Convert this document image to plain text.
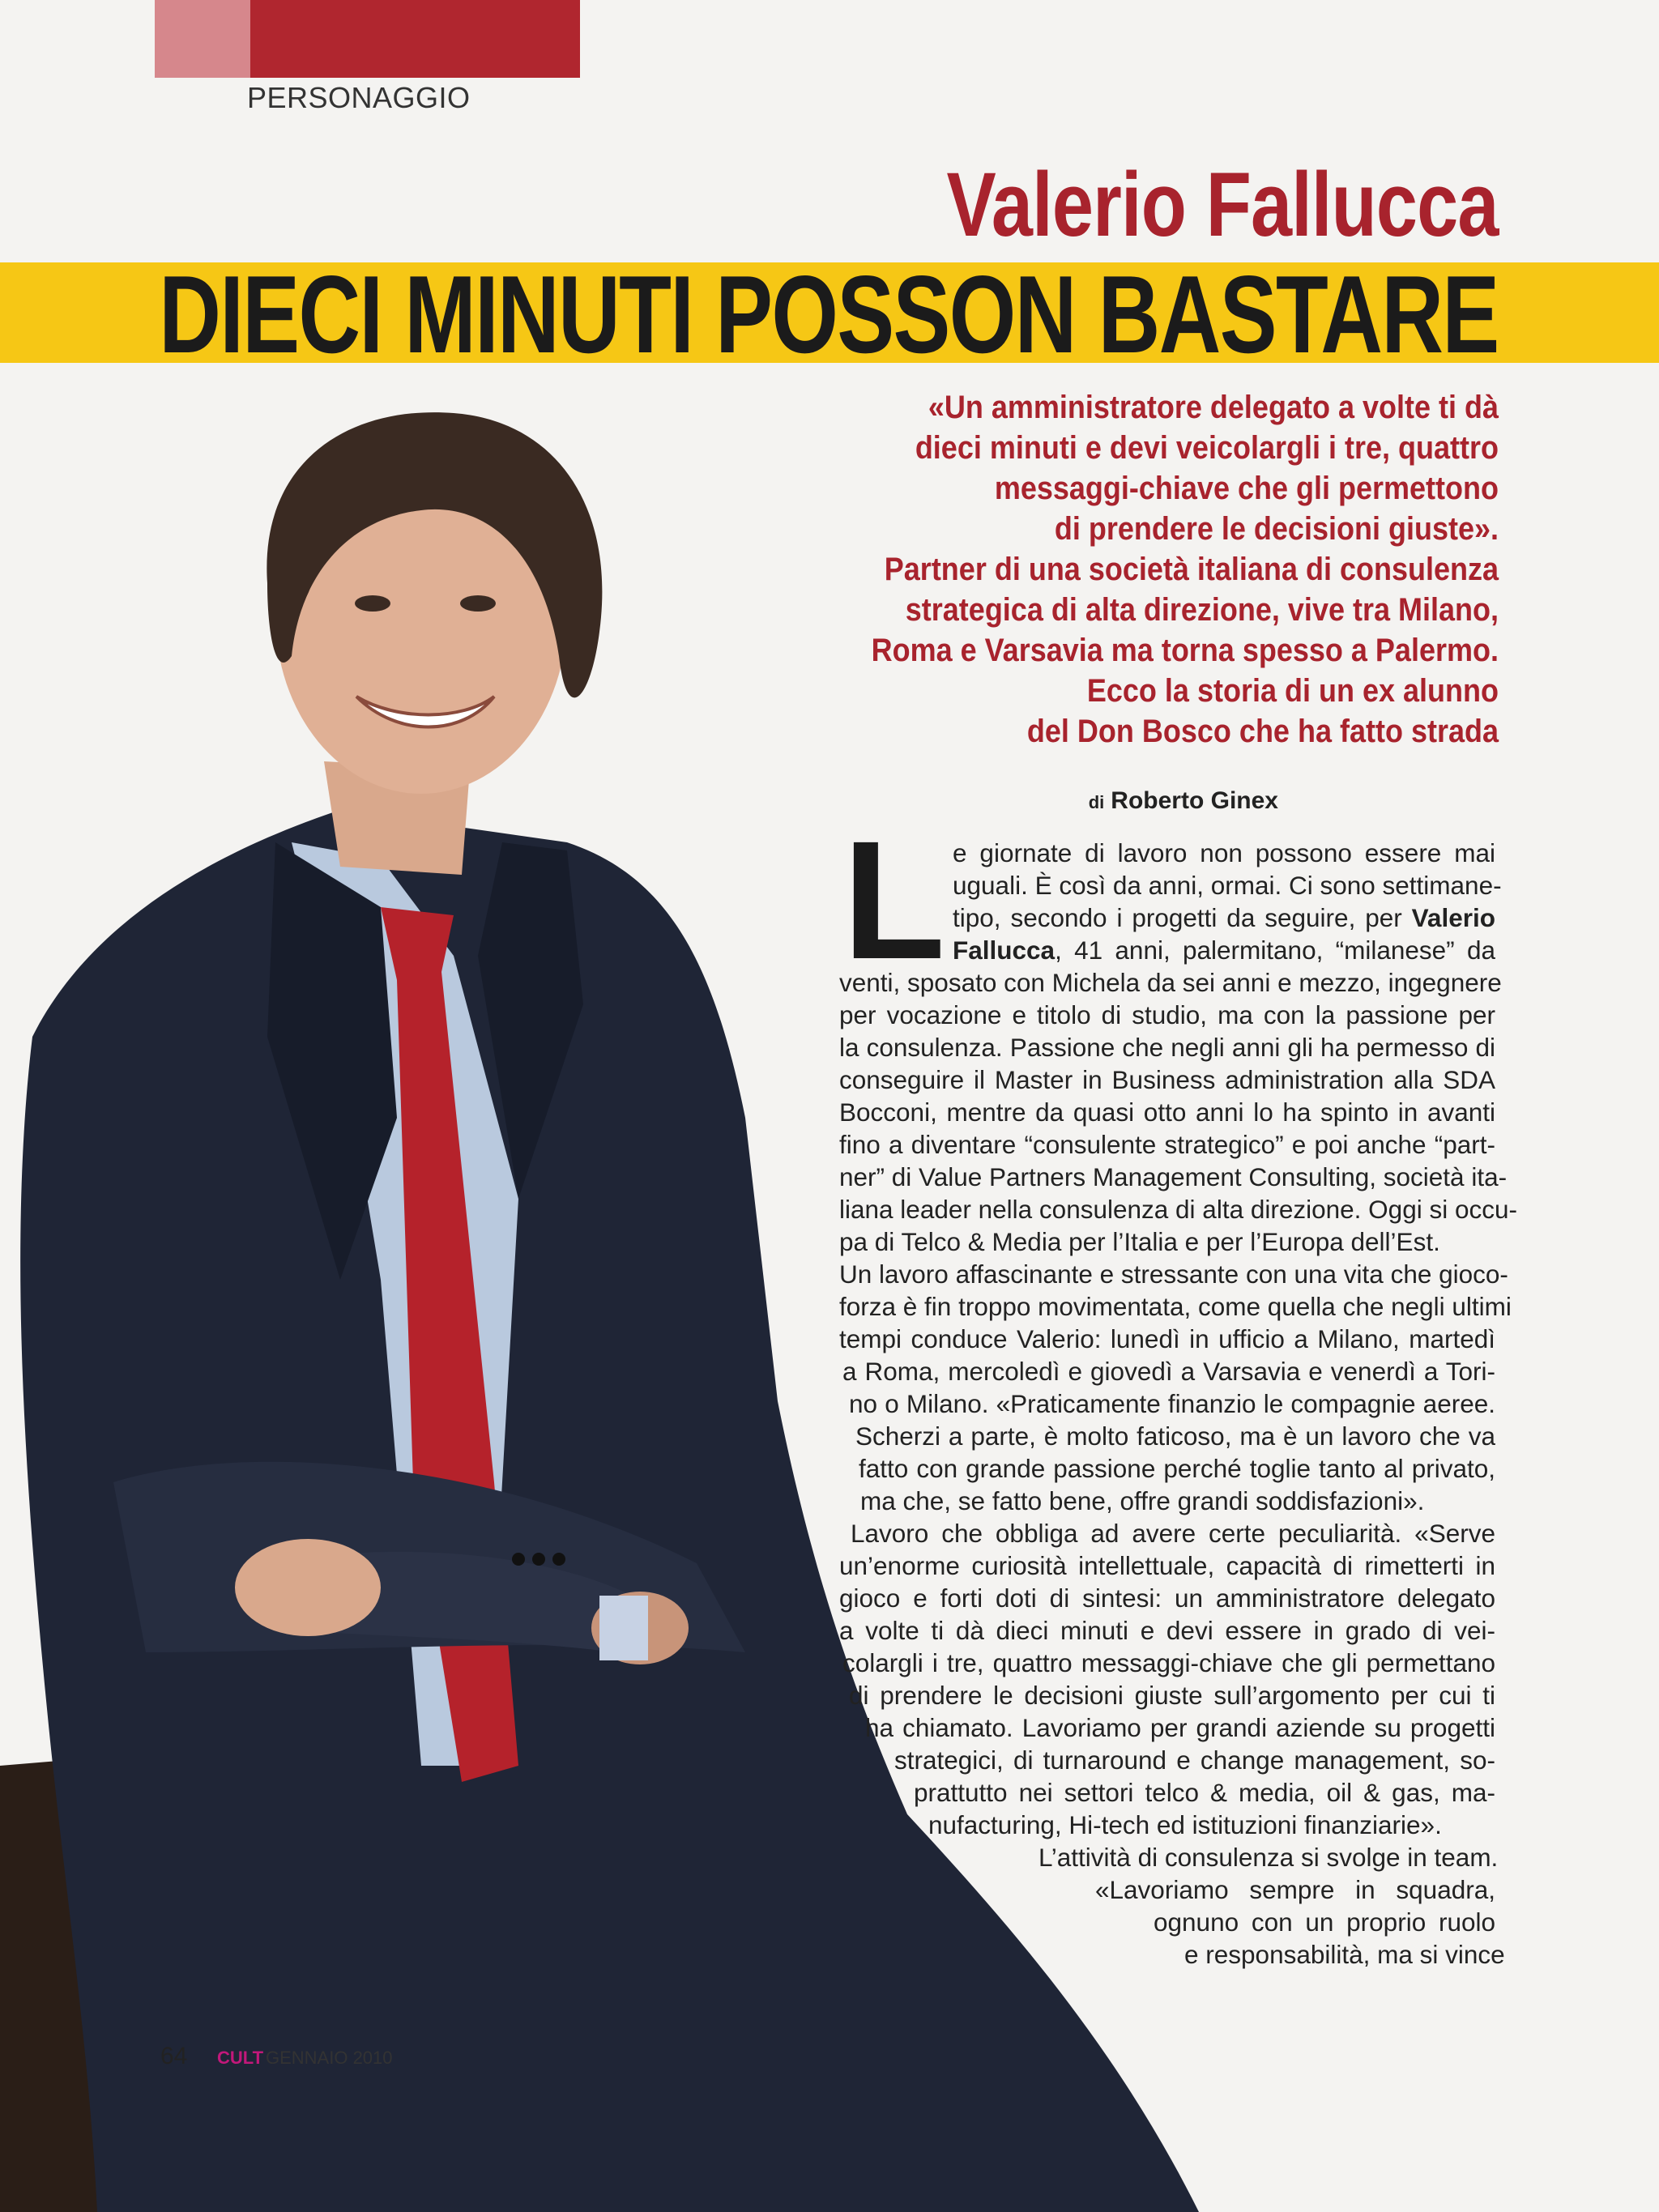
PERSONAGGIO
Valerio Fallucca
DIECI MINUTI POSSON BASTARE

«Un amministratore delegato a volte ti dà

dieci minuti e devi veicolargli i tre, quattro

messaggi-chiave che gli permettono

di prendere le decisioni giuste».

Partner di una società italiana di consulenza

strategica di alta direzione, vive tra Milano,

Roma e Varsavia ma torna spesso a Palermo.

Ecco la storia di un ex alunno

del Don Bosco che ha fatto strada

di Roberto Ginex
L e giornate di lavoro non possono essere mai
uguali. È così da anni, ormai. Ci sono settimane-
tipo, secondo i progetti da seguire, per Valerio
Fallucca, 41 anni, palermitano, “milanese” da
venti, sposato con Michela da sei anni e mezzo, ingegnere
per vocazione e titolo di studio, ma con la passione per
la consulenza. Passione che negli anni gli ha permesso di
conseguire il Master in Business administration alla SDA
Bocconi, mentre da quasi otto anni lo ha spinto in avanti
fino a diventare “consulente strategico” e poi anche “part-
ner” di Value Partners Management Consulting, società ita-
liana leader nella consulenza di alta direzione. Oggi si occu-
pa di Telco & Media per l’Italia e per l’Europa dell’Est.
Un lavoro affascinante e stressante con una vita che gioco-
forza è fin troppo movimentata, come quella che negli ultimi
tempi conduce Valerio: lunedì in ufficio a Milano, martedì
a Roma, mercoledì e giovedì a Varsavia e venerdì a Tori-
no o Milano. «Praticamente finanzio le compagnie aeree.
Scherzi a parte, è molto faticoso, ma è un lavoro che va
fatto con grande passione perché toglie tanto al privato,
ma che, se fatto bene, offre grandi soddisfazioni».
Lavoro che obbliga ad avere certe peculiarità. «Serve
un’enorme curiosità intellettuale, capacità di rimetterti in
gioco e forti doti di sintesi: un amministratore delegato
a volte ti dà dieci minuti e devi essere in grado di vei-
colargli i tre, quattro messaggi-chiave che gli permettano
di prendere le decisioni giuste sull’argomento per cui ti
ha chiamato. Lavoriamo per grandi aziende su progetti
strategici, di turnaround e change management, so-
prattutto nei settori telco & media, oil & gas, ma-
nufacturing, Hi-tech ed istituzioni finanziarie».
L’attività di consulenza si svolge in team.
«Lavoriamo sempre in squadra,
ognuno con un proprio ruolo
e responsabilità, ma si vince
64 CULT GENNAIO 2010
